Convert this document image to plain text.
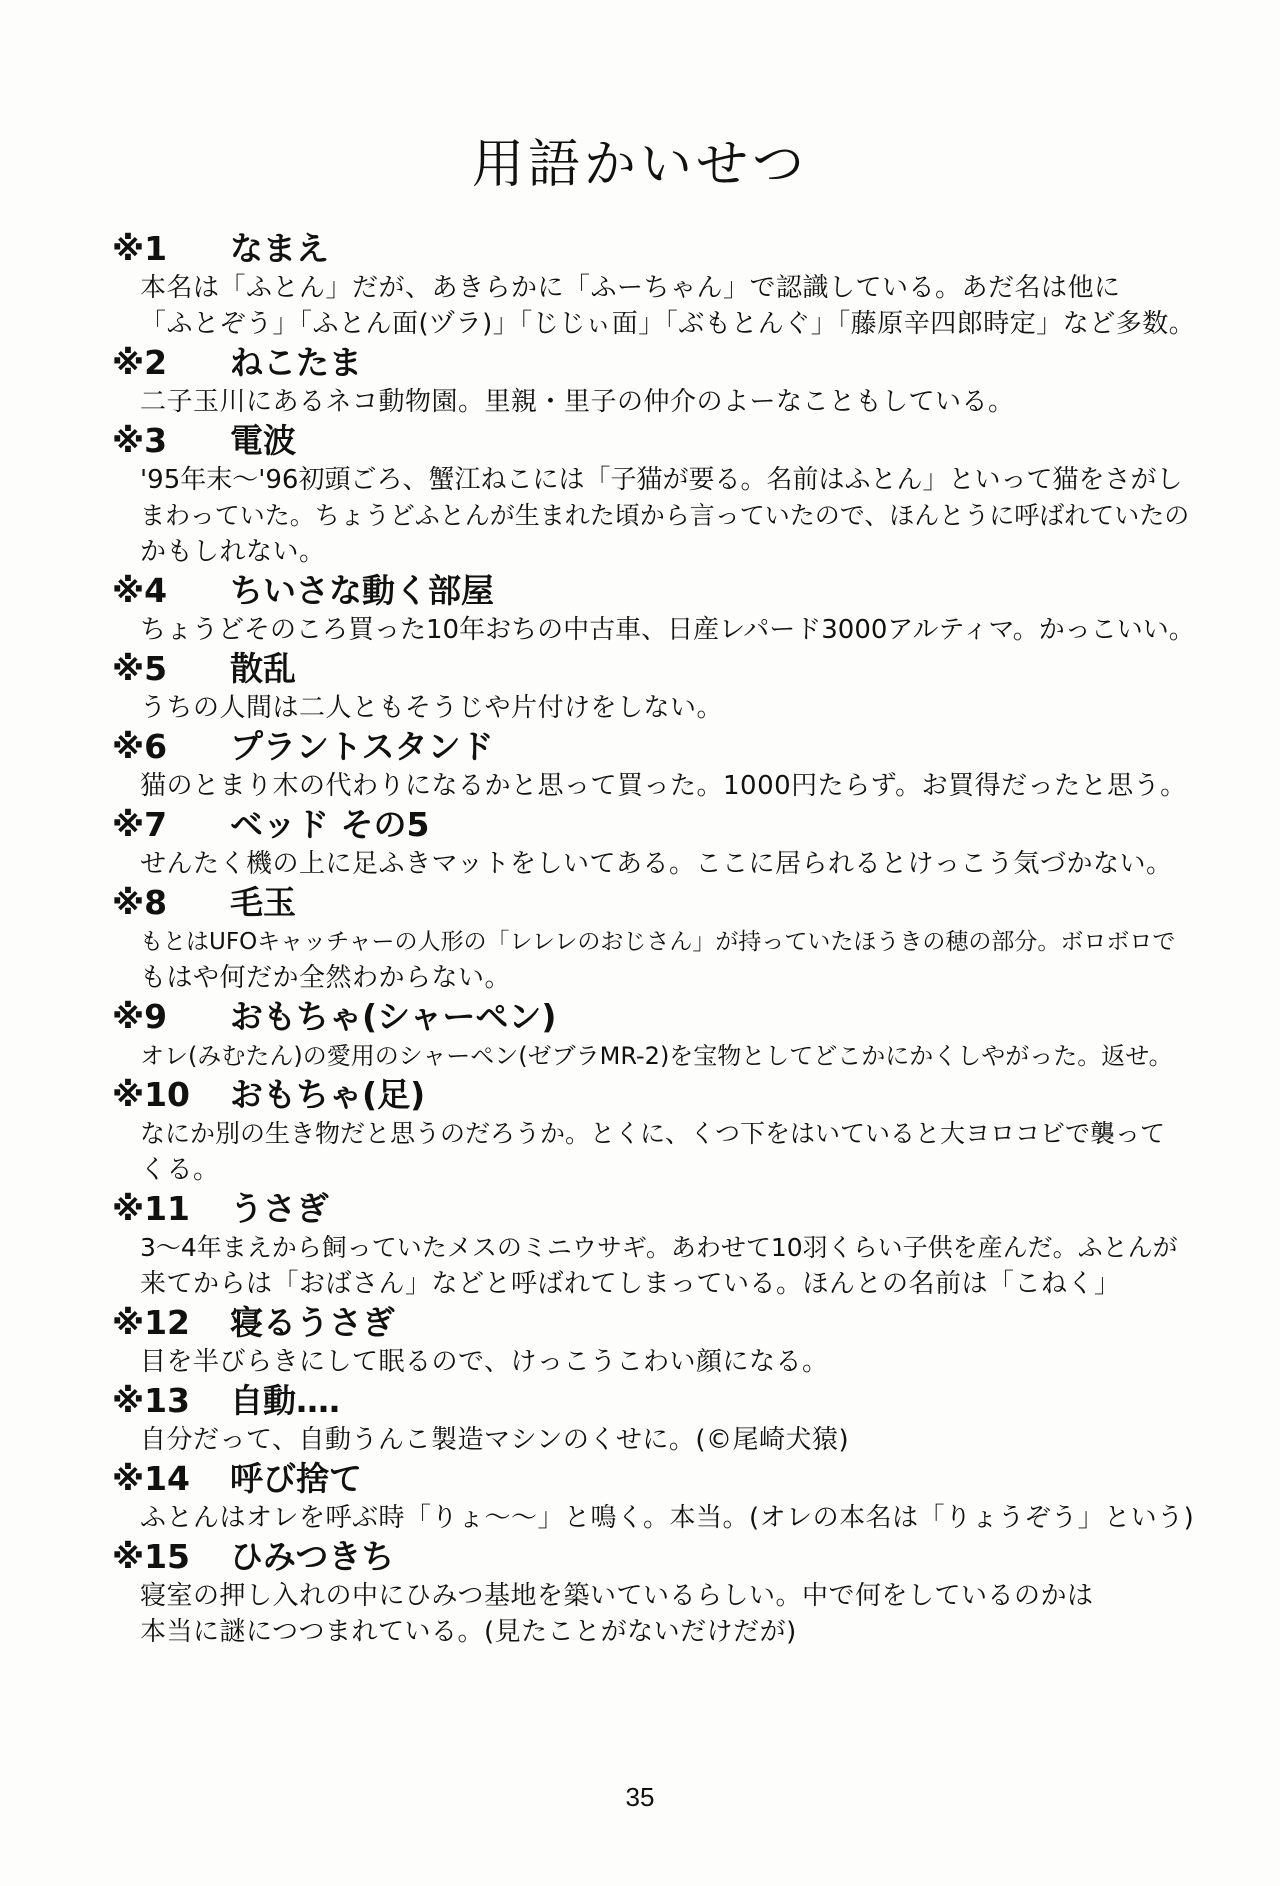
用語かいせつ
※1	なまえ

本名は「ふとん」だが、あきらかに「ふーちゃん」で認識している。あだ名は他に

「ふとぞう」「ふとん面(ヅラ)」「じじぃ面」「ぶもとんぐ」「藤原辛四郎時定」など多数。

※2	ねこたま

二子玉川にあるネコ動物園。里親・里子の仲介のよーなこともしている。

※3	電波

'95年末〜'96初頭ごろ、蟹江ねこには「子猫が要る。名前はふとん」といって猫をさがし

まわっていた。ちょうどふとんが生まれた頃から言っていたので、ほんとうに呼ばれていたの

かもしれない。

※4	ちいさな動く部屋

ちょうどそのころ買った10年おちの中古車、日産レパード3000アルティマ。かっこいい。

※5	散乱

うちの人間は二人ともそうじや片付けをしない。

※6	プラントスタンド

猫のとまり木の代わりになるかと思って買った。1000円たらず。お買得だったと思う。

※7	ベッド その5

せんたく機の上に足ふきマットをしいてある。ここに居られるとけっこう気づかない。

※8	毛玉

もとはUFOキャッチャーの人形の「レレレのおじさん」が持っていたほうきの穂の部分。ボロボロで

もはや何だか全然わからない。

※9	おもちゃ(シャーペン)

オレ(みむたん)の愛用のシャーペン(ゼブラMR-2)を宝物としてどこかにかくしやがった。返せ。

※10	おもちゃ(足)

なにか別の生き物だと思うのだろうか。とくに、くつ下をはいていると大ヨロコビで襲って

くる。

※11	うさぎ

3〜4年まえから飼っていたメスのミニウサギ。あわせて10羽くらい子供を産んだ。ふとんが

来てからは「おばさん」などと呼ばれてしまっている。ほんとの名前は「こねく」

※12	寝るうさぎ

目を半びらきにして眠るので、けっこうこわい顔になる。

※13	自動‥‥

自分だって、自動うんこ製造マシンのくせに。(©尾崎犬猿)

※14	呼び捨て

ふとんはオレを呼ぶ時「りょ〜〜」と鳴く。本当。(オレの本名は「りょうぞう」という)

※15	ひみつきち

寝室の押し入れの中にひみつ基地を築いているらしい。中で何をしているのかは

本当に謎につつまれている。(見たことがないだけだが)

35
